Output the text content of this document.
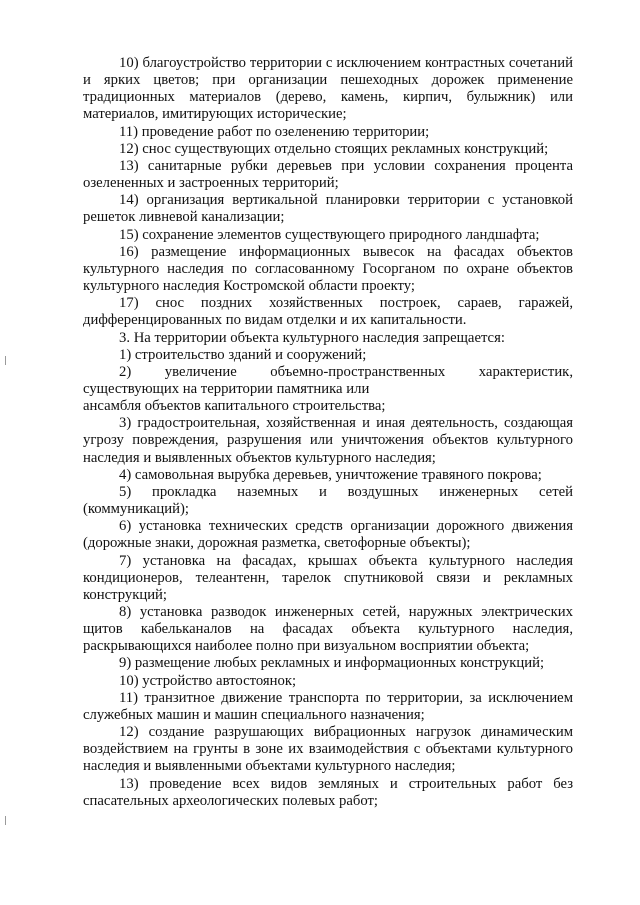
10) благоустройство территории с исключением контрастных сочетаний и ярких цветов; при организации пешеходных дорожек применение традиционных материалов (дерево, камень, кирпич, булыжник) или материалов, имитирующих исторические;

11) проведение работ по озеленению территории;

12) снос существующих отдельно стоящих рекламных конструкций;

13) санитарные рубки деревьев при условии сохранения процента озелененных и застроенных территорий;

14) организация вертикальной планировки территории с установкой решеток ливневой канализации;

15) сохранение элементов существующего природного ландшафта;

16) размещение информационных вывесок на фасадах объектов культурного наследия по согласованному Госорганом по охране объектов культурного наследия Костромской области проекту;

17) снос поздних хозяйственных построек, сараев, гаражей, дифференцированных по видам отделки и их капитальности.

3. На территории объекта культурного наследия запрещается:

1) строительство зданий и сооружений;

2) увеличение объемно-пространственных характеристик, существующих на территории памятника или

ансамбля объектов капитального строительства;

3) градостроительная, хозяйственная и иная деятельность, создающая угрозу повреждения, разрушения или уничтожения объектов культурного наследия и выявленных объектов культурного наследия;

4) самовольная вырубка деревьев, уничтожение травяного покрова;

5) прокладка наземных и воздушных инженерных сетей (коммуникаций);

6) установка технических средств организации дорожного движения (дорожные знаки, дорожная разметка, светофорные объекты);

7) установка на фасадах, крышах объекта культурного наследия кондиционеров, телеантенн, тарелок спутниковой связи и рекламных конструкций;

8) установка разводок инженерных сетей, наружных электрических щитов кабельканалов на фасадах объекта культурного наследия, раскрывающихся наиболее полно при визуальном восприятии объекта;

9) размещение любых рекламных и информационных конструкций;

10) устройство автостоянок;

11) транзитное движение транспорта по территории, за исключением служебных машин и машин специального назначения;

12) создание разрушающих вибрационных нагрузок динамическим воздействием на грунты в зоне их взаимодействия с объектами культурного наследия и выявленными объектами культурного наследия;

13) проведение всех видов земляных и строительных работ без спасательных археологических полевых работ;
